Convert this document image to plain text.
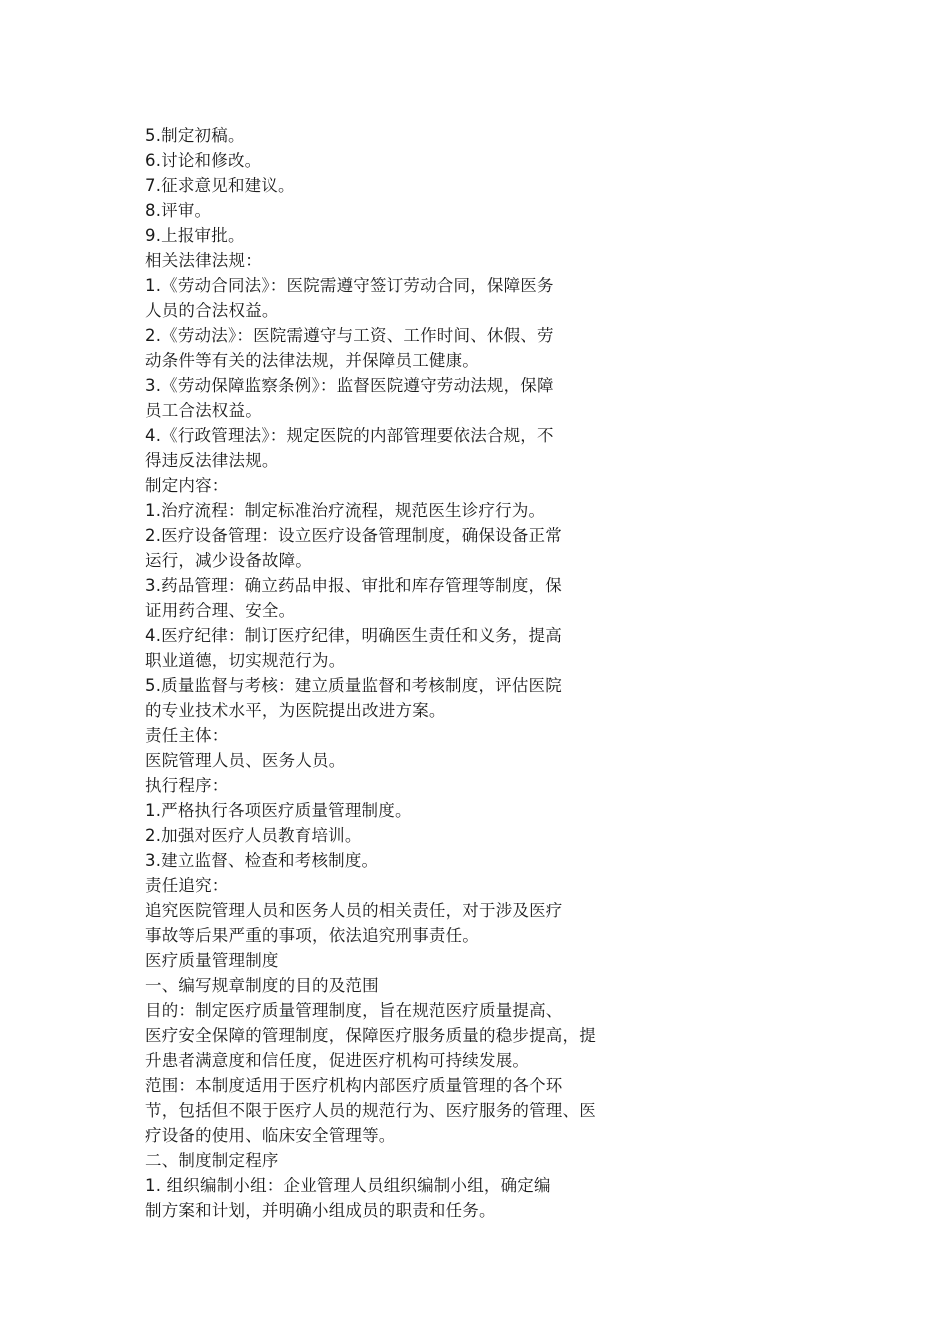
5.制定初稿。
6.讨论和修改。
7.征求意见和建议。
8.评审。
9.上报审批。
相关法律法规：
1.《劳动合同法》：医院需遵守签订劳动合同，保障医务
人员的合法权益。
2.《劳动法》：医院需遵守与工资、工作时间、休假、劳
动条件等有关的法律法规，并保障员工健康。
3.《劳动保障监察条例》：监督医院遵守劳动法规，保障
员工合法权益。
4.《行政管理法》：规定医院的内部管理要依法合规，不
得违反法律法规。
制定内容：
1.治疗流程：制定标准治疗流程，规范医生诊疗行为。
2.医疗设备管理：设立医疗设备管理制度，确保设备正常
运行，减少设备故障。
3.药品管理：确立药品申报、审批和库存管理等制度，保
证用药合理、安全。
4.医疗纪律：制订医疗纪律，明确医生责任和义务，提高
职业道德，切实规范行为。
5.质量监督与考核：建立质量监督和考核制度，评估医院
的专业技术水平，为医院提出改进方案。
责任主体：
医院管理人员、医务人员。
执行程序：
1.严格执行各项医疗质量管理制度。
2.加强对医疗人员教育培训。
3.建立监督、检查和考核制度。
责任追究：
追究医院管理人员和医务人员的相关责任，对于涉及医疗
事故等后果严重的事项，依法追究刑事责任。
医疗质量管理制度
一、编写规章制度的目的及范围
目的：制定医疗质量管理制度，旨在规范医疗质量提高、
医疗安全保障的管理制度，保障医疗服务质量的稳步提高，提
升患者满意度和信任度，促进医疗机构可持续发展。
范围：本制度适用于医疗机构内部医疗质量管理的各个环
节，包括但不限于医疗人员的规范行为、医疗服务的管理、医
疗设备的使用、临床安全管理等。
二、制度制定程序
1. 组织编制小组：企业管理人员组织编制小组，确定编
制方案和计划，并明确小组成员的职责和任务。
